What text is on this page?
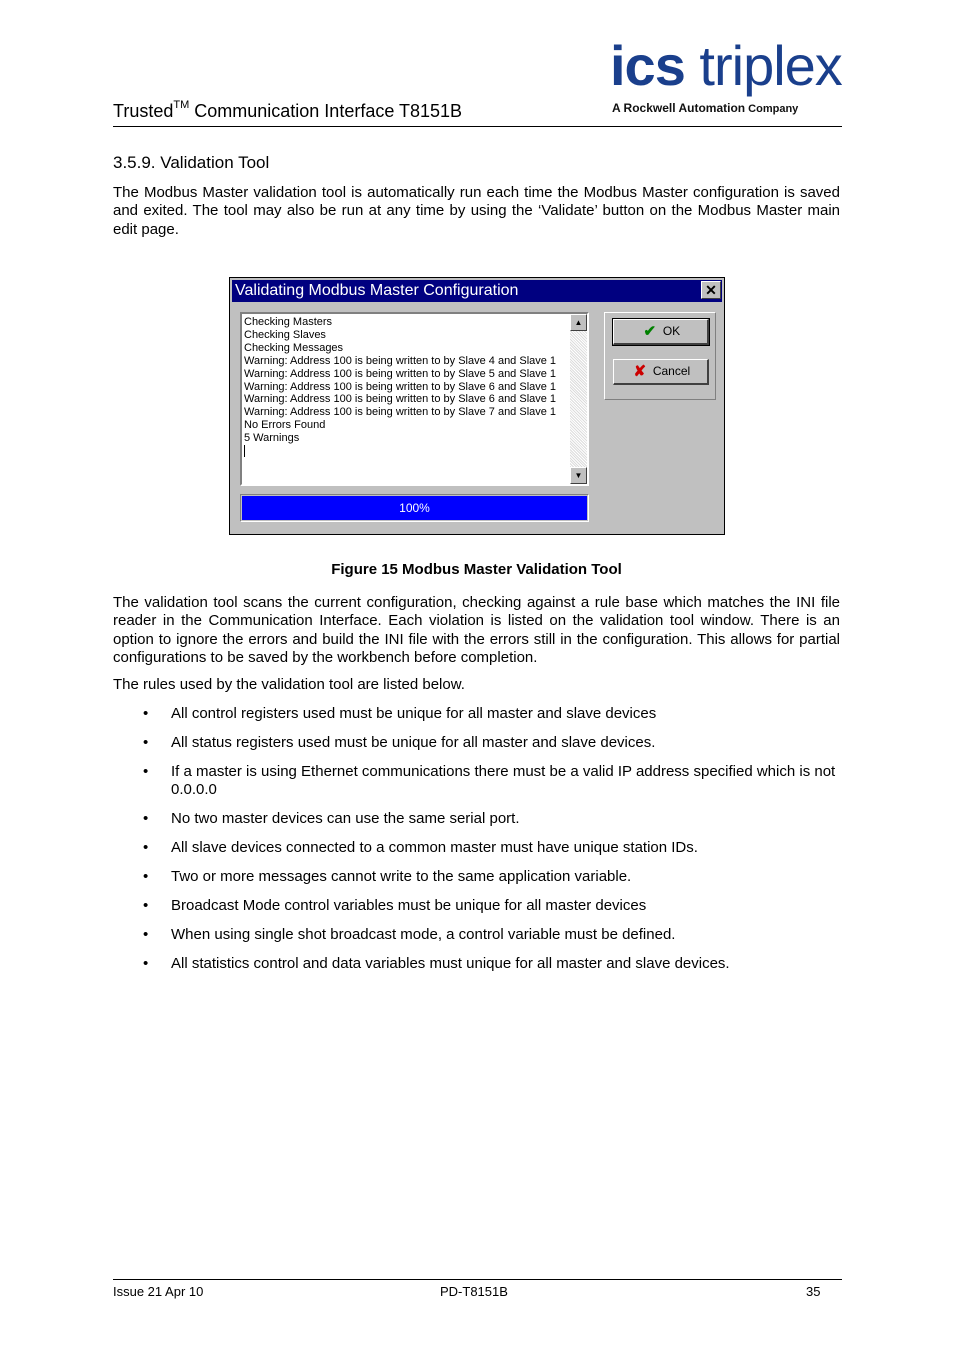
Trusted™ Communication Interface T8151B
ics triplex
A Rockwell Automation Company
3.5.9. Validation Tool
The Modbus Master validation tool is automatically run each time the Modbus Master configuration is saved and exited. The tool may also be run at any time by using the ‘Validate’ button on the Modbus Master main edit page.
Validating Modbus Master Configuration	✕
Checking Masters
Checking Slaves
Checking Messages
Warning: Address 100 is being written to by Slave 4 and Slave 1
Warning: Address 100 is being written to by Slave 5 and Slave 1
Warning: Address 100 is being written to by Slave 6 and Slave 1
Warning: Address 100 is being written to by Slave 6 and Slave 1
Warning: Address 100 is being written to by Slave 7 and Slave 1
No Errors Found
5 Warnings
▲
▼
100%
✔ OK
✘ Cancel
Figure 15 Modbus Master Validation Tool
The validation tool scans the current configuration, checking against a rule base which matches the INI file reader in the Communication Interface. Each violation is listed on the validation tool window. There is an option to ignore the errors and build the INI file with the errors still in the configuration. This allows for partial configurations to be saved by the workbench before completion.
The rules used by the validation tool are listed below.
• All control registers used must be unique for all master and slave devices
• All status registers used must be unique for all master and slave devices.
• If a master is using Ethernet communications there must be a valid IP address specified which is not 0.0.0.0
• No two master devices can use the same serial port.
• All slave devices connected to a common master must have unique station IDs.
• Two or more messages cannot write to the same application variable.
• Broadcast Mode control variables must be unique for all master devices
• When using single shot broadcast mode, a control variable must be defined.
• All statistics control and data variables must unique for all master and slave devices.
Issue 21 Apr 10	PD-T8151B	35
